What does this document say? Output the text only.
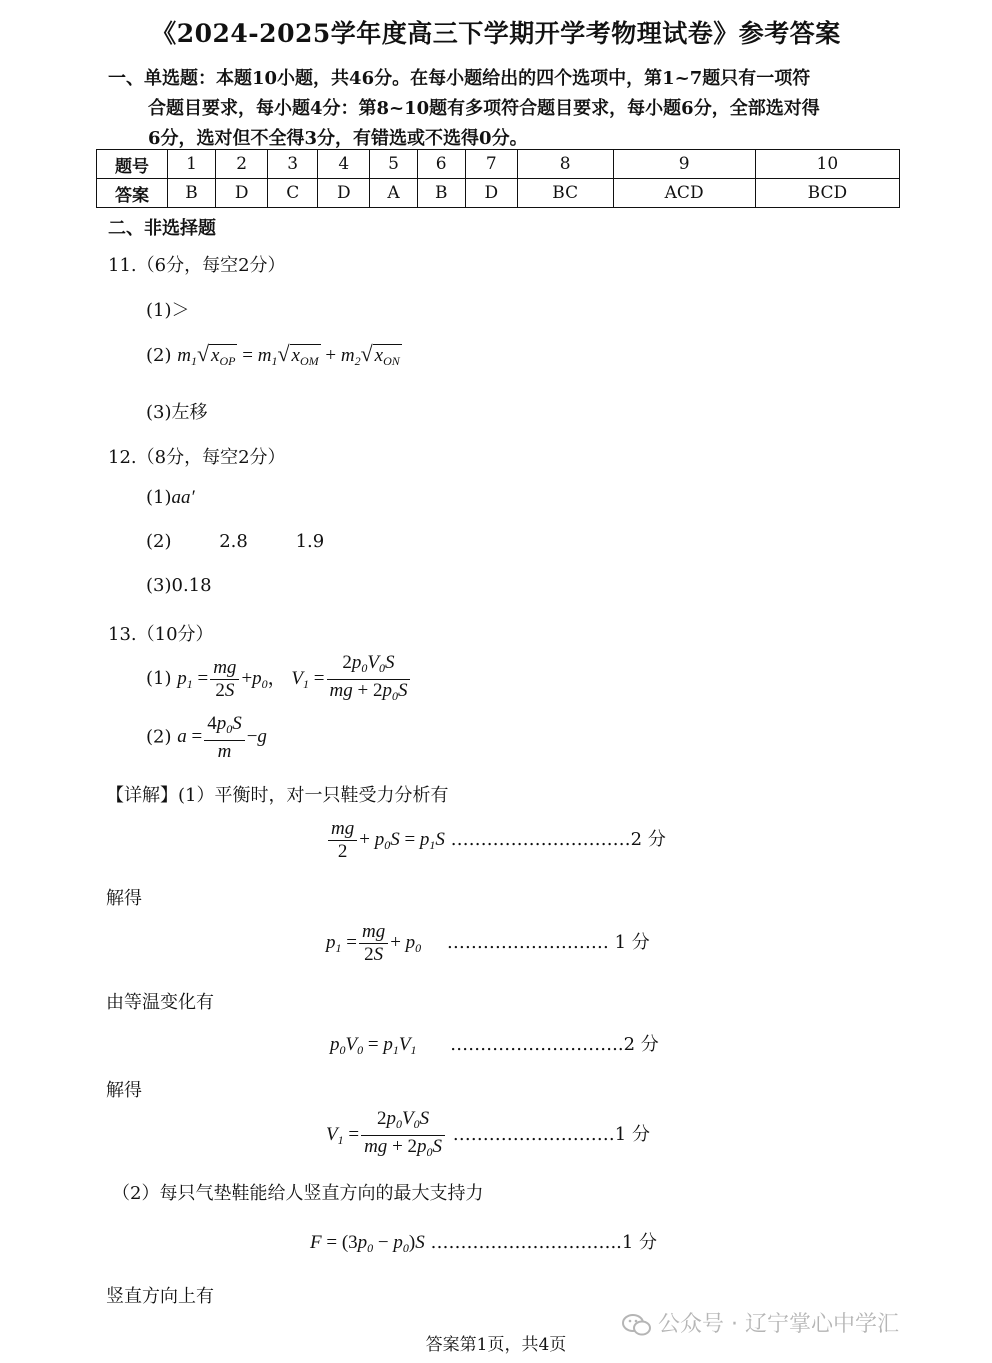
《2024-2025学年度高三下学期开学考物理试卷》参考答案
一、单选题：本题10小题，共46分。在每小题给出的四个选项中，第1~7题只有一项符
合题目要求，每小题4分：第8~10题有多项符合题目要求，每小题6分，全部选对得
6分，选对但不全得3分，有错选或不选得0分。
题号	1	2	3	4	5	6	7	8	9	10
答案	B	D	C	D	A	B	D	BC	ACD	BCD
二、非选择题
11.（6分，每空2分）
(1)＞
(2) $m_1√$ $x_{OP} = m_1√$ $x_{OM} + m_2√$ $x_{ON}$
(3)左移
12.（8分，每空2分）
(1)aa′
(2)	2.8	1.9
(3)0.18
13.（10分）
(1) $p_1 = \frac{mg}{2S} +p_0$， $V_1 = \frac{2p_0V_0S}{mg + 2p_0S}$
(2) $a = \frac{4p_0S}{m} -g$
【详解】(1）平衡时，对一只鞋受力分析有
$\frac{mg}{2} + p_0S = p_1S$ …………………………2 分
解得
$p_1 = \frac{mg}{2S} + p_0$ ……………………… 1 分
由等温变化有
$p_0V_0 = p_1V_1$ ………………………..2 分
解得
$V_1 = \frac{2p_0V_0S}{mg + 2p_0S}$ ………………………1 分
（2）每只气垫鞋能给人竖直方向的最大支持力
$F = (3p_0 - p_0)S$ …………………………..1 分
竖直方向上有
公众号 · 辽宁掌心中学汇
答案第1页，共4页
